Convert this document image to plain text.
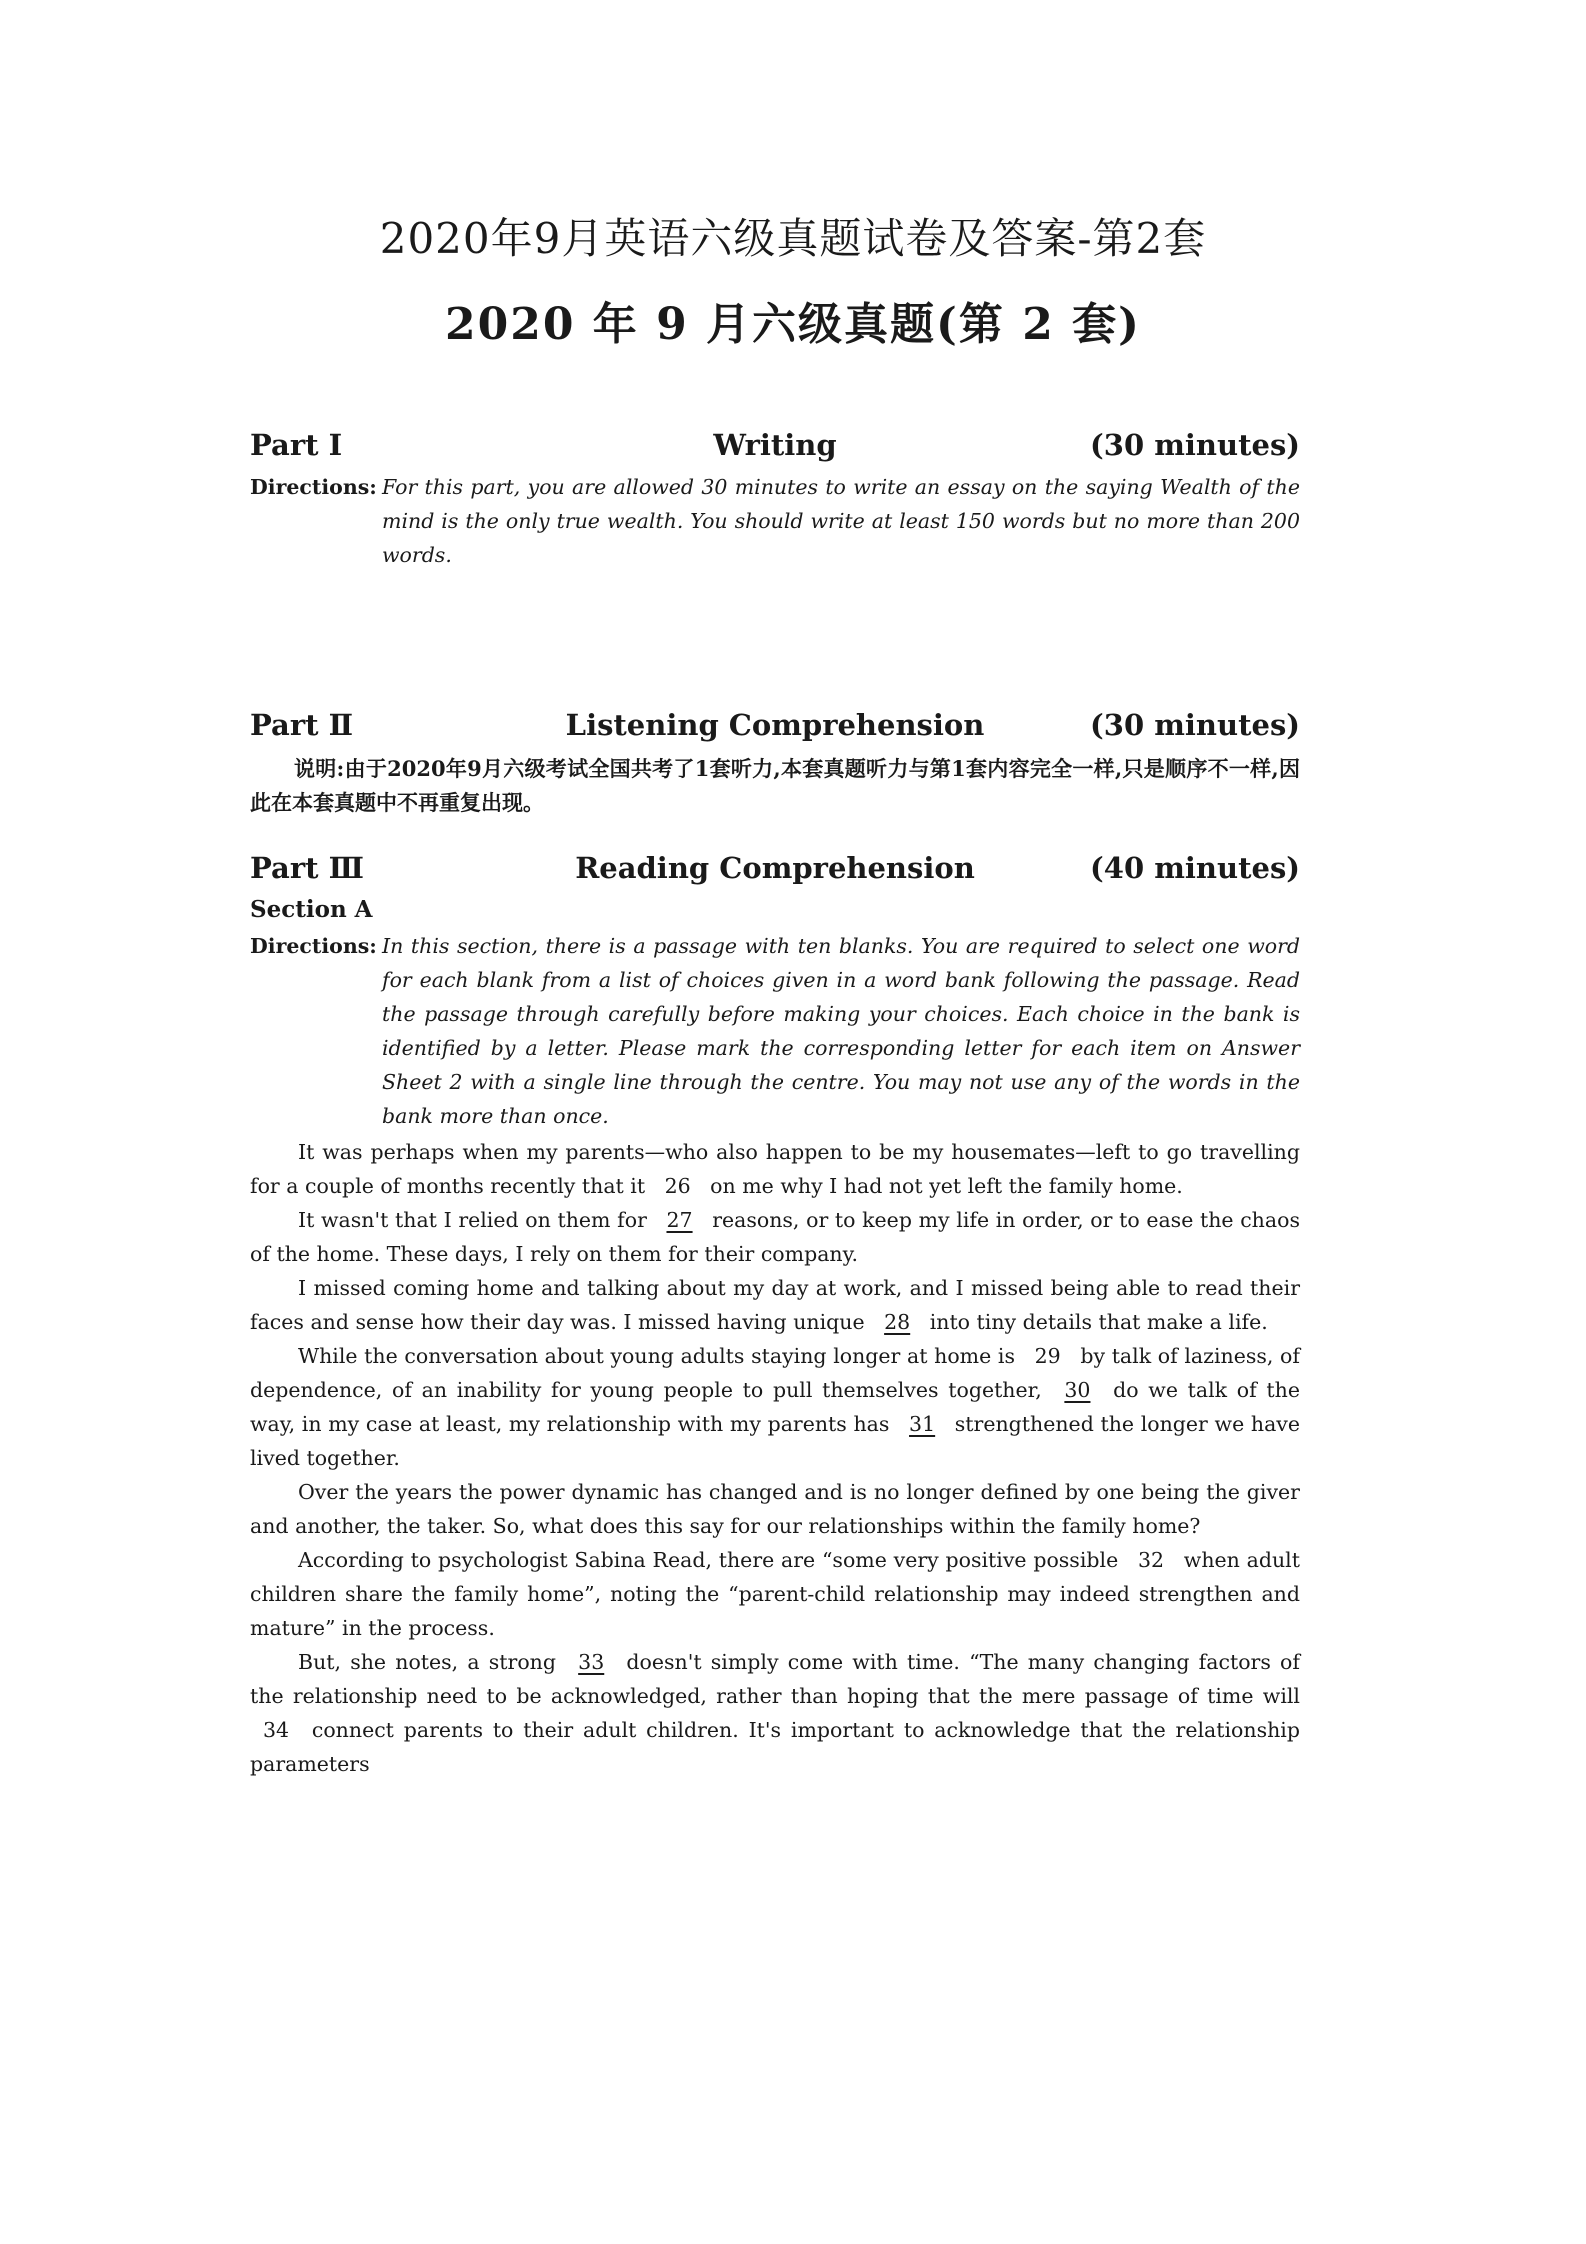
2020年9月英语六级真题试卷及答案-第2套
2020 年 9 月六级真题(第 2 套)
Part Ⅰ	Writing	(30 minutes)
Directions: For this part, you are allowed 30 minutes to write an essay on the saying Wealth of the mind is the only true wealth. You should write at least 150 words but no more than 200 words.
Part Ⅱ	Listening Comprehension	(30 minutes)
说明:由于2020年9月六级考试全国共考了1套听力,本套真题听力与第1套内容完全一样,只是顺序不一样,因此在本套真题中不再重复出现。
Part Ⅲ	Reading Comprehension	(40 minutes)
Section A
Directions: In this section, there is a passage with ten blanks. You are required to select one word for each blank from a list of choices given in a word bank following the passage. Read the passage through carefully before making your choices. Each choice in the bank is identified by a letter. Please mark the corresponding letter for each item on Answer Sheet 2 with a single line through the centre. You may not use any of the words in the bank more than once.

It was perhaps when my parents—who also happen to be my housemates—left to go travelling for a couple of months recently that it 26 on me why I had not yet left the family home.

It wasn't that I relied on them for 27 reasons, or to keep my life in order, or to ease the chaos of the home. These days, I rely on them for their company.

I missed coming home and talking about my day at work, and I missed being able to read their faces and sense how their day was. I missed having unique 28 into tiny details that make a life.

While the conversation about young adults staying longer at home is 29 by talk of laziness, of dependence, of an inability for young people to pull themselves together, 30 do we talk of the way, in my case at least, my relationship with my parents has 31 strengthened the longer we have lived together.

Over the years the power dynamic has changed and is no longer defined by one being the giver and another, the taker. So, what does this say for our relationships within the family home?

According to psychologist Sabina Read, there are “some very positive possible 32 when adult children share the family home”, noting the “parent-child relationship may indeed strengthen and mature” in the process.

But, she notes, a strong 33 doesn't simply come with time. “The many changing factors of the relationship need to be acknowledged, rather than hoping that the mere passage of time will 34 connect parents to their adult children. It's important to acknowledge that the relationship parameters
